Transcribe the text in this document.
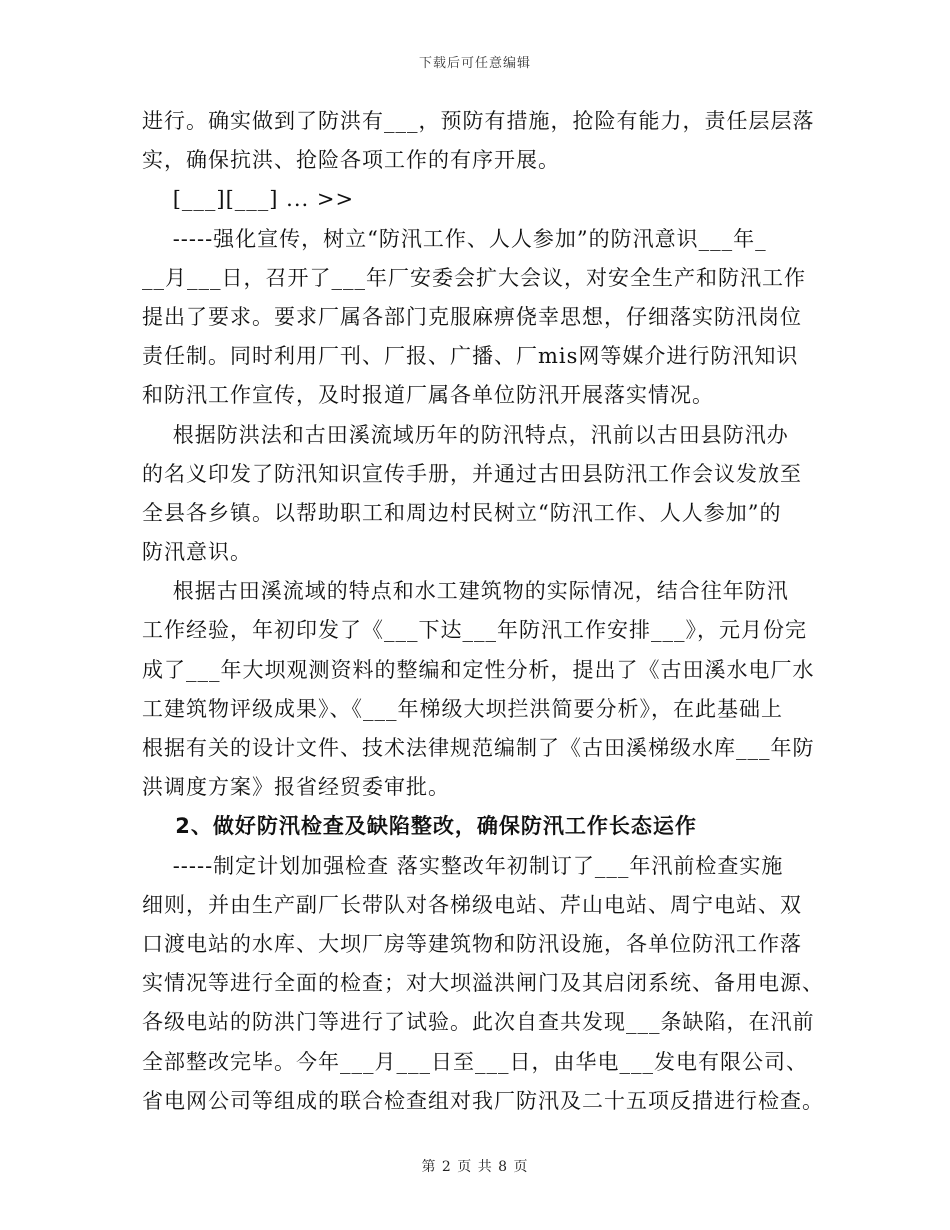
下载后可任意编辑
进行。确实做到了防洪有___，预防有措施，抢险有能力，责任层层落
实，确保抗洪、抢险各项工作的有序开展。
[___][___] ... >>
-----强化宣传，树立“防汛工作、人人参加”的防汛意识___年_
__月___日，召开了___年厂安委会扩大会议，对安全生产和防汛工作
提出了要求。要求厂属各部门克服麻痹侥幸思想，仔细落实防汛岗位
责任制。同时利用厂刊、厂报、广播、厂mis网等媒介进行防汛知识
和防汛工作宣传，及时报道厂属各单位防汛开展落实情况。
根据防洪法和古田溪流域历年的防汛特点，汛前以古田县防汛办
的名义印发了防汛知识宣传手册，并通过古田县防汛工作会议发放至
全县各乡镇。以帮助职工和周边村民树立“防汛工作、人人参加”的
防汛意识。
根据古田溪流域的特点和水工建筑物的实际情况，结合往年防汛
工作经验，年初印发了《___下达___年防汛工作安排___》，元月份完
成了___年大坝观测资料的整编和定性分析，提出了《古田溪水电厂水
工建筑物评级成果》、《___年梯级大坝拦洪简要分析》，在此基础上
根据有关的设计文件、技术法律规范编制了《古田溪梯级水库___年防
洪调度方案》报省经贸委审批。
2、做好防汛检查及缺陷整改，确保防汛工作长态运作
-----制定计划加强检查 落实整改年初制订了___年汛前检查实施
细则，并由生产副厂长带队对各梯级电站、芹山电站、周宁电站、双
口渡电站的水库、大坝厂房等建筑物和防汛设施，各单位防汛工作落
实情况等进行全面的检查；对大坝溢洪闸门及其启闭系统、备用电源、
各级电站的防洪门等进行了试验。此次自查共发现___条缺陷，在汛前
全部整改完毕。今年___月___日至___日，由华电___发电有限公司、
省电网公司等组成的联合检查组对我厂防汛及二十五项反措进行检查。
第 2 页 共 8 页
